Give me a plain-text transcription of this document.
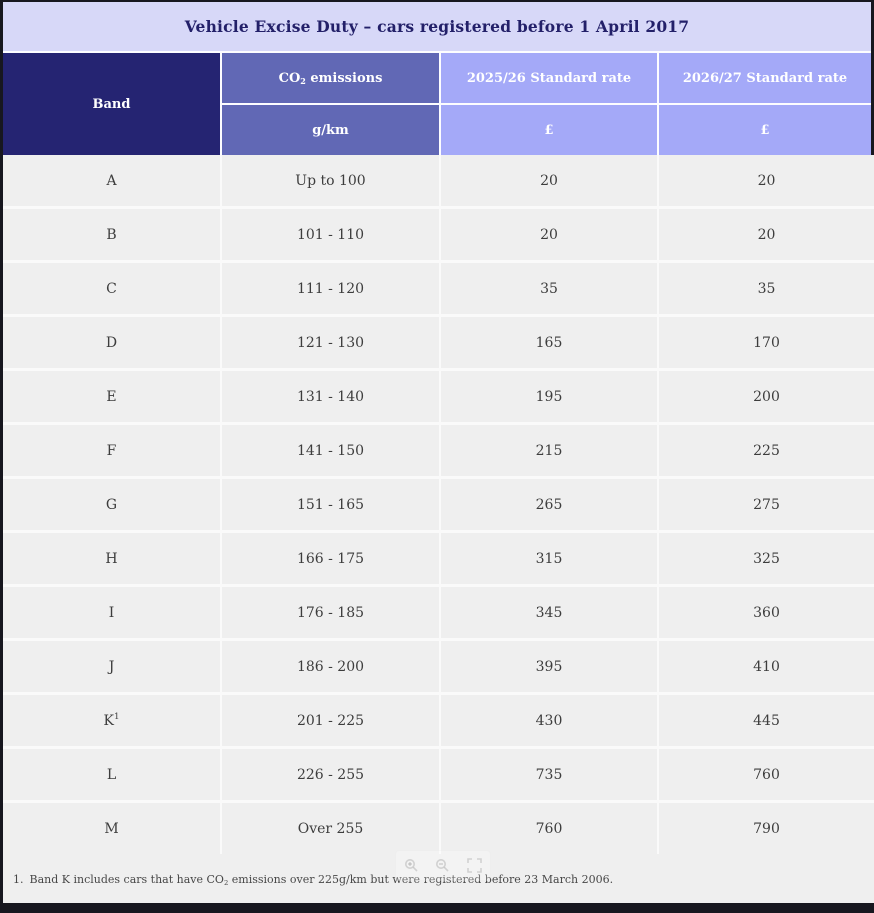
Vehicle Excise Duty – cars registered before 1 April 2017
Band
$CO_2$ emissions	2025/26 Standard rate	2026/27 Standard rate
g/km	£	£
A	Up to 100	20	20
B	101 - 110	20	20
C	111 - 120	35	35
D	121 - 130	165	170
E	131 - 140	195	200
F	141 - 150	215	225
G	151 - 165	265	275
H	166 - 175	315	325
I	176 - 185	345	360
J	186 - 200	395	410
$K^1$	201 - 225	430	445
L	226 - 255	735	760
M	Over 255	760	790
1. Band K includes cars that have $CO_2$ emissions over 225g/km but were registered before 23 March 2006.
